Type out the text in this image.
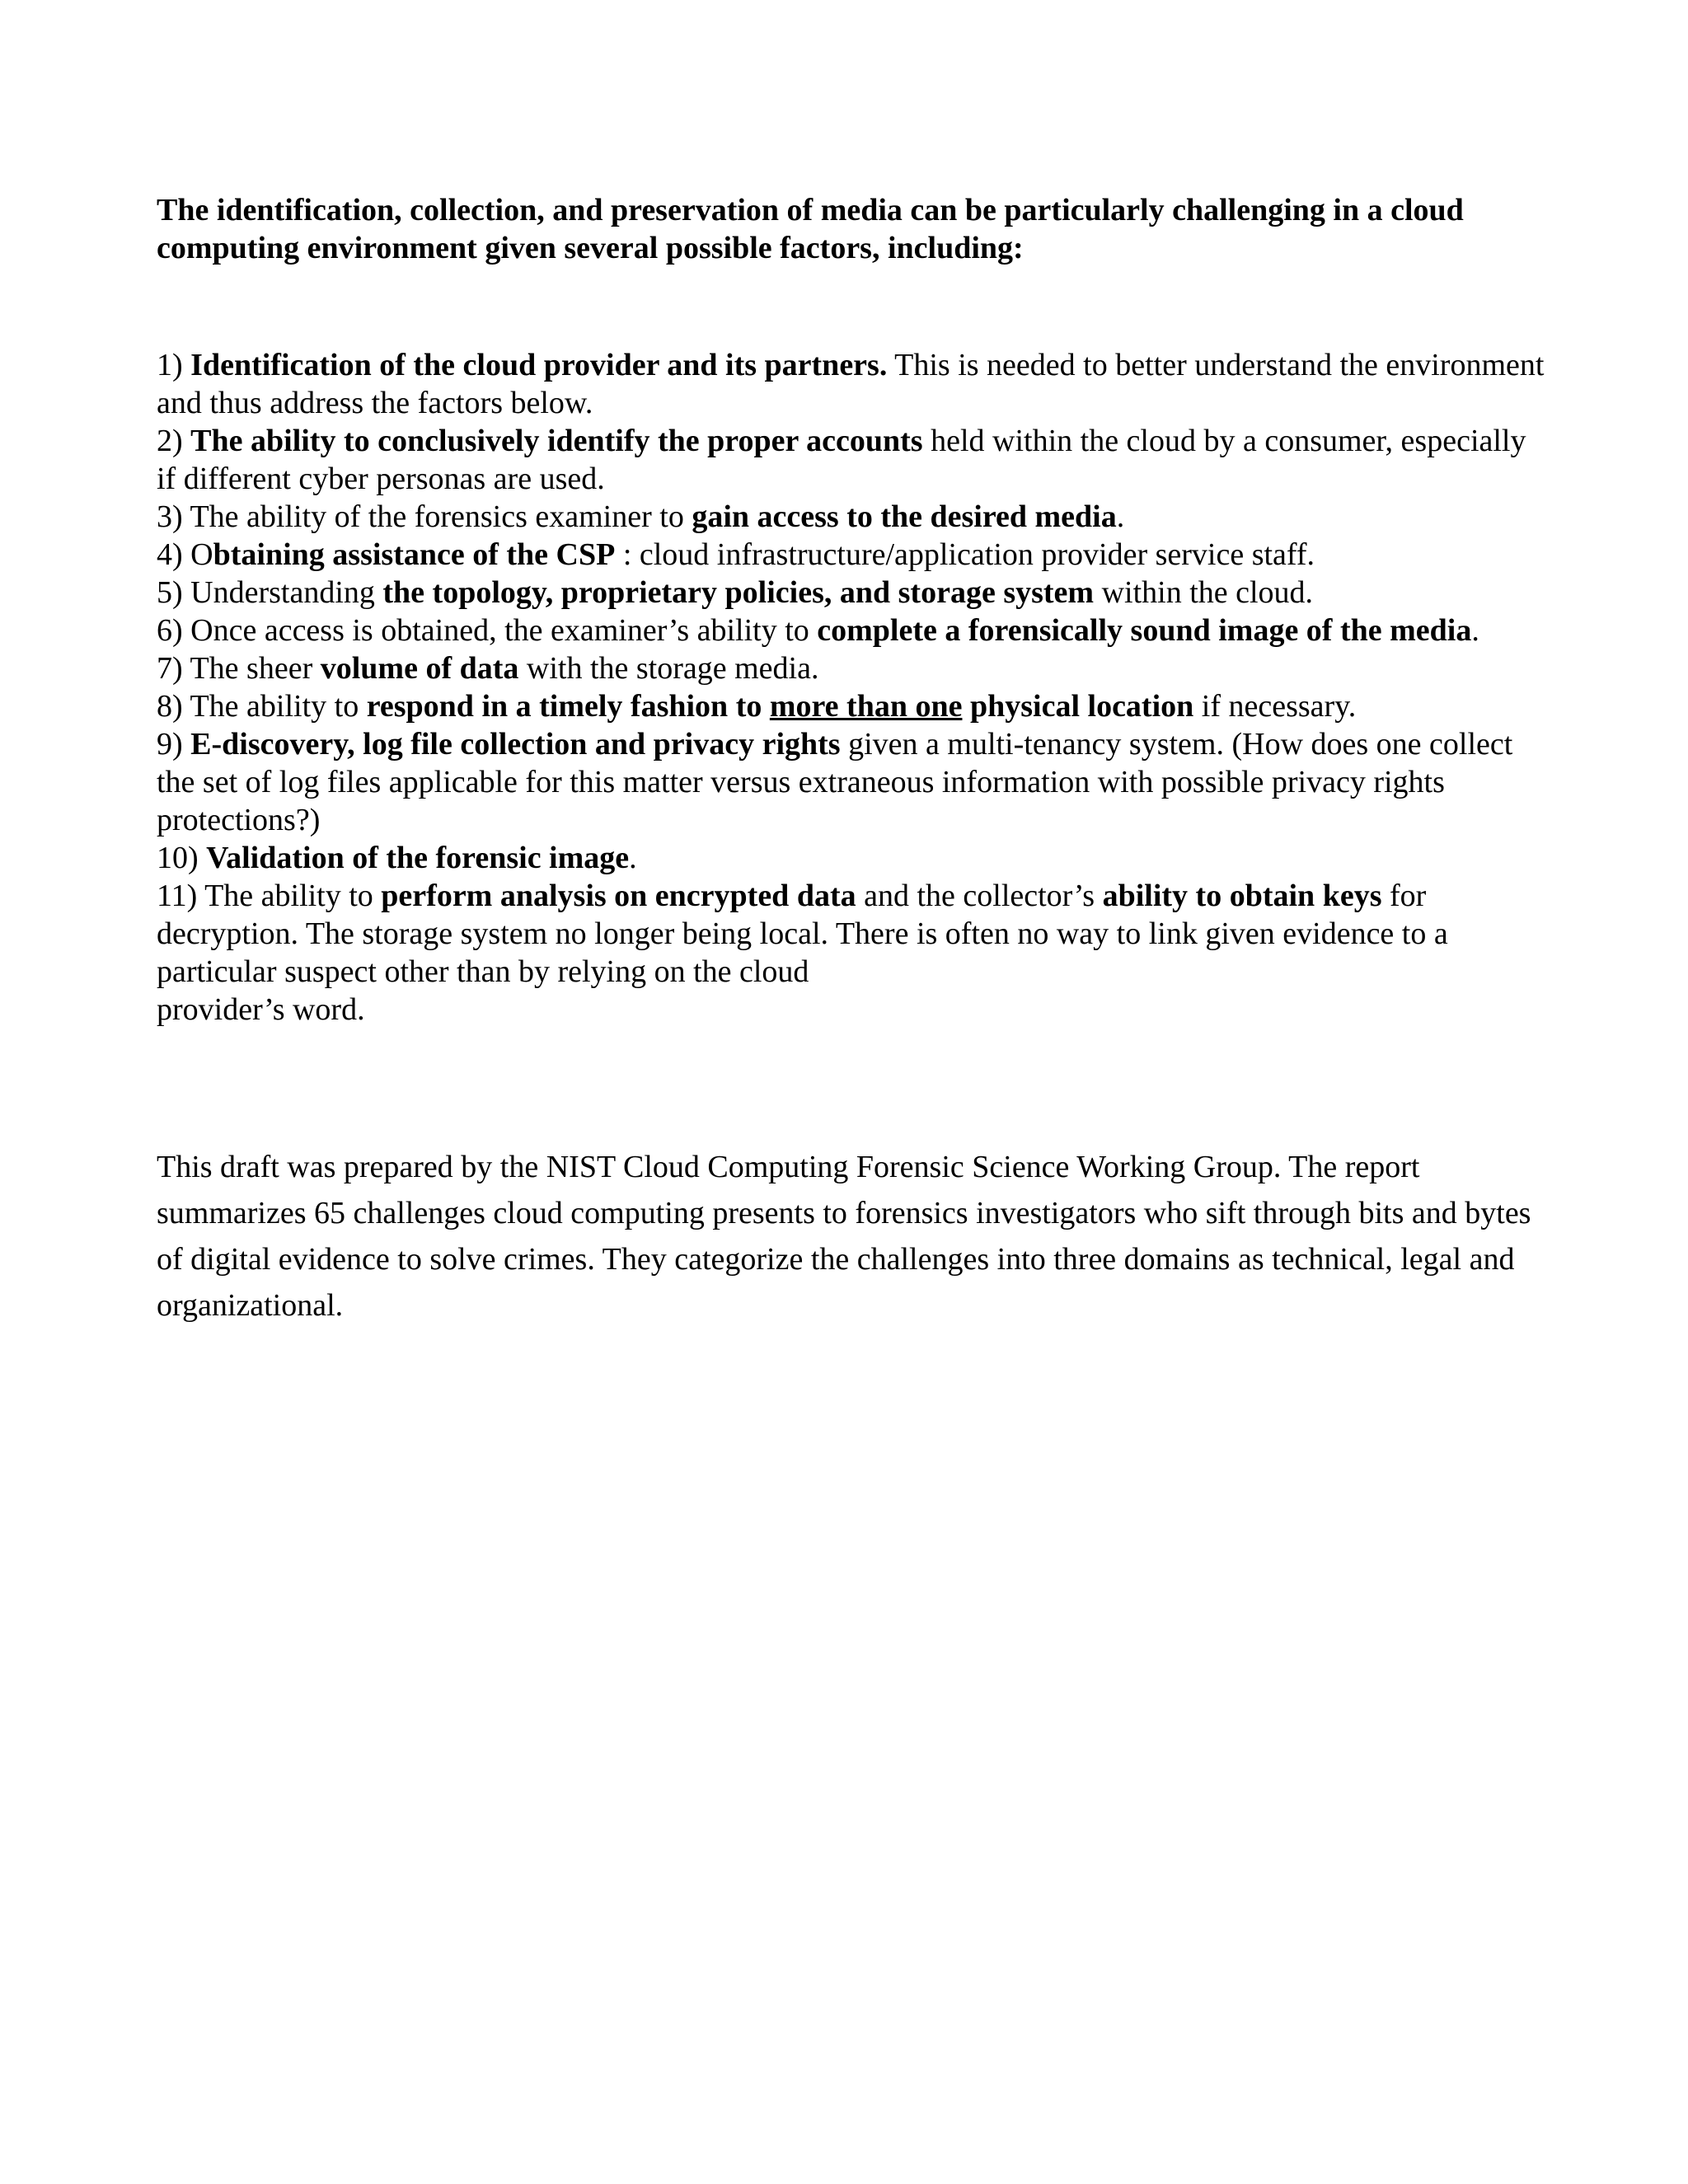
The identification, collection, and preservation of media can be particularly challenging in a cloud computing environment given several possible factors, including:

1) Identification of the cloud provider and its partners. This is needed to better understand the environment and thus address the factors below.

2) The ability to conclusively identify the proper accounts held within the cloud by a consumer, especially if different cyber personas are used.

3) The ability of the forensics examiner to gain access to the desired media.

4) Obtaining assistance of the CSP : cloud infrastructure/application provider service staff.

5) Understanding the topology, proprietary policies, and storage system within the cloud.

6) Once access is obtained, the examiner’s ability to complete a forensically sound image of the media.

7) The sheer volume of data with the storage media.

8) The ability to respond in a timely fashion to more than one physical location if necessary.

9) E-discovery, log file collection and privacy rights given a multi-tenancy system. (How does one collect the set of log files applicable for this matter versus extraneous information with possible privacy rights protections?)

10) Validation of the forensic image.

11) The ability to perform analysis on encrypted data and the collector’s ability to obtain keys for decryption. The storage system no longer being local. There is often no way to link given evidence to a particular suspect other than by relying on the cloud
provider’s word.

This draft was prepared by the NIST Cloud Computing Forensic Science Working Group. The report summarizes 65 challenges cloud computing presents to forensics investigators who sift through bits and bytes of digital evidence to solve crimes. They categorize the challenges into three domains as technical, legal and organizational.
